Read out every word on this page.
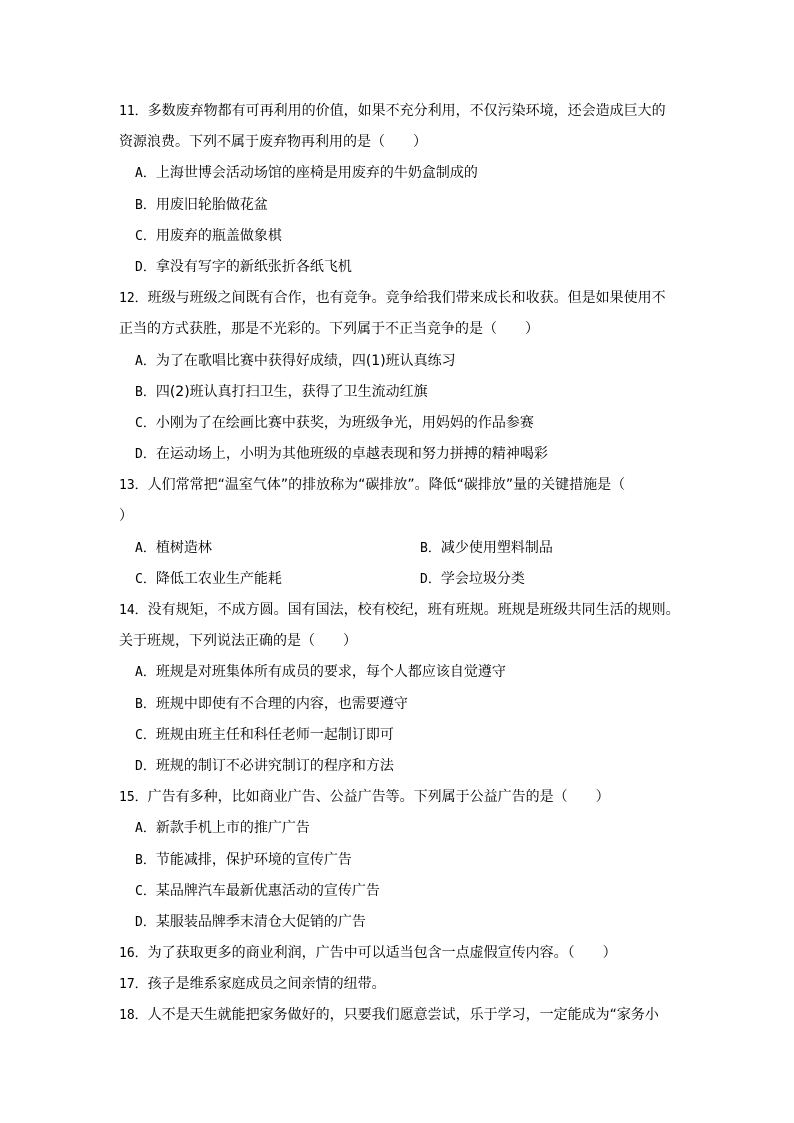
11．多数废弃物都有可再利用的价值，如果不充分利用，不仅污染环境，还会造成巨大的
资源浪费。下列不属于废弃物再利用的是（　　）
A．上海世博会活动场馆的座椅是用废弃的牛奶盒制成的
B．用废旧轮胎做花盆
C．用废弃的瓶盖做象棋
D．拿没有写字的新纸张折各纸飞机
12．班级与班级之间既有合作，也有竞争。竞争给我们带来成长和收获。但是如果使用不
正当的方式获胜，那是不光彩的。下列属于不正当竞争的是（　　）
A．为了在歌唱比赛中获得好成绩，四(1)班认真练习
B．四(2)班认真打扫卫生，获得了卫生流动红旗
C．小刚为了在绘画比赛中获奖，为班级争光，用妈妈的作品参赛
D．在运动场上，小明为其他班级的卓越表现和努力拼搏的精神喝彩
13．人们常常把“温室气体”的排放称为“碳排放”。降低“碳排放”量的关键措施是（
）
A．植树造林	B．减少使用塑料制品
C．降低工农业生产能耗	D．学会垃圾分类
14．没有规矩，不成方圆。国有国法，校有校纪，班有班规。班规是班级共同生活的规则。
关于班规，下列说法正确的是（　　）
A．班规是对班集体所有成员的要求，每个人都应该自觉遵守
B．班规中即使有不合理的内容，也需要遵守
C．班规由班主任和科任老师一起制订即可
D．班规的制订不必讲究制订的程序和方法
15．广告有多种，比如商业广告、公益广告等。下列属于公益广告的是（　　）
A．新款手机上市的推广广告
B．节能减排，保护环境的宣传广告
C．某品牌汽车最新优惠活动的宣传广告
D．某服装品牌季末清仓大促销的广告
16．为了获取更多的商业利润，广告中可以适当包含一点虚假宣传内容。（　　）
17．孩子是维系家庭成员之间亲情的纽带。
18．人不是天生就能把家务做好的，只要我们愿意尝试，乐于学习，一定能成为“家务小
